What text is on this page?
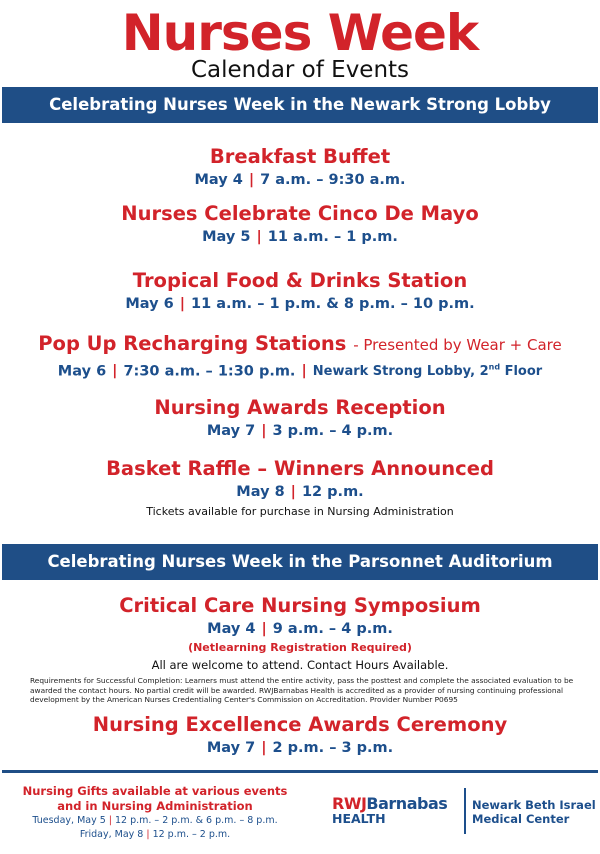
Nurses Week
Calendar of Events
Celebrating Nurses Week in the Newark Strong Lobby
Breakfast Buffet
May 4 | 7 a.m. – 9:30 a.m.
Nurses Celebrate Cinco De Mayo
May 5 | 11 a.m. – 1 p.m.
Tropical Food & Drinks Station
May 6 | 11 a.m. – 1 p.m. & 8 p.m. – 10 p.m.
Pop Up Recharging Stations - Presented by Wear + Care
May 6 | 7:30 a.m. – 1:30 p.m. | Newark Strong Lobby, 2nd Floor
Nursing Awards Reception
May 7 | 3 p.m. – 4 p.m.
Basket Raffle – Winners Announced
May 8 | 12 p.m.
Tickets available for purchase in Nursing Administration
Celebrating Nurses Week in the Parsonnet Auditorium
Critical Care Nursing Symposium
May 4 | 9 a.m. – 4 p.m.
(Netlearning Registration Required)
All are welcome to attend. Contact Hours Available.
Requirements for Successful Completion: Learners must attend the entire activity, pass the posttest and complete the associated evaluation to be awarded the contact hours. No partial credit will be awarded. RWJBarnabas Health is accredited as a provider of nursing continuing professional development by the American Nurses Credentialing Center's Commission on Accreditation. Provider Number P0695
Nursing Excellence Awards Ceremony
May 7 | 2 p.m. – 3 p.m.
Nursing Gifts available at various events
and in Nursing Administration
Tuesday, May 5 | 12 p.m. – 2 p.m. & 6 p.m. – 8 p.m.
Friday, May 8 | 12 p.m. – 2 p.m.
RWJBarnabas
HEALTH
Newark Beth Israel
Medical Center
